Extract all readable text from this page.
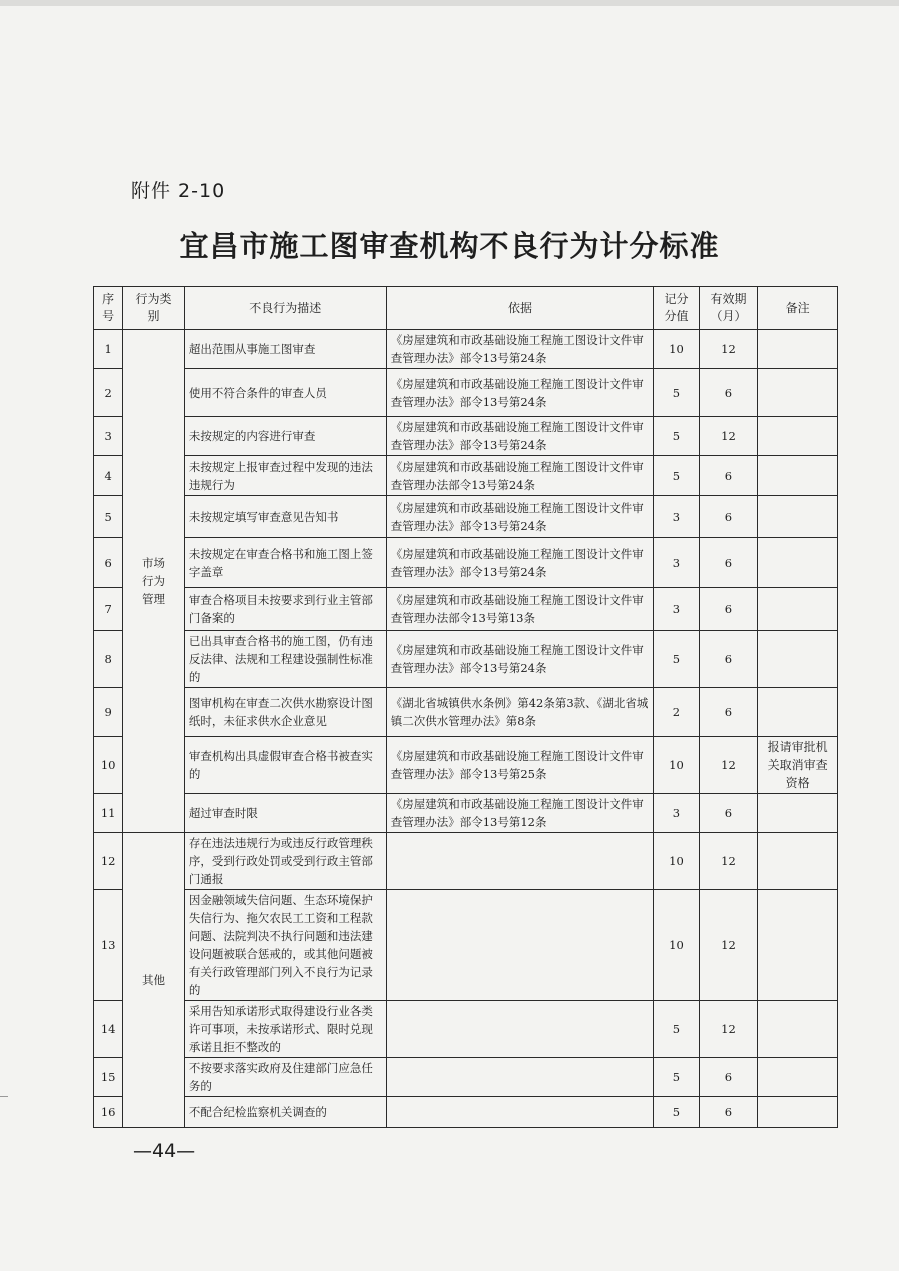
附件 2-10
宜昌市施工图审查机构不良行为计分标准
序号	行为类别	不良行为描述	依据	记分分值	有效期（月）	备注
1	市场行为管理	超出范围从事施工图审查	《房屋建筑和市政基础设施工程施工图设计文件审查管理办法》部令13号第24条	10	12	
2		使用不符合条件的审查人员	《房屋建筑和市政基础设施工程施工图设计文件审查管理办法》部令13号第24条	5	6	
3		未按规定的内容进行审查	《房屋建筑和市政基础设施工程施工图设计文件审查管理办法》部令13号第24条	5	12	
4		未按规定上报审查过程中发现的违法违规行为	《房屋建筑和市政基础设施工程施工图设计文件审查管理办法部令13号第24条	5	6	
5		未按规定填写审查意见告知书	《房屋建筑和市政基础设施工程施工图设计文件审查管理办法》部令13号第24条	3	6	
6		未按规定在审查合格书和施工图上签字盖章	《房屋建筑和市政基础设施工程施工图设计文件审查管理办法》部令13号第24条	3	6	
7		审查合格项目未按要求到行业主管部门备案的	《房屋建筑和市政基础设施工程施工图设计文件审查管理办法部令13号第13条	3	6	
8		已出具审查合格书的施工图，仍有违反法律、法规和工程建设强制性标准的	《房屋建筑和市政基础设施工程施工图设计文件审查管理办法》部令13号第24条	5	6	
9		图审机构在审查二次供水勘察设计图纸时，未征求供水企业意见	《湖北省城镇供水条例》第42条第3款、《湖北省城镇二次供水管理办法》第8条	2	6	
10		审查机构出具虚假审查合格书被查实的	《房屋建筑和市政基础设施工程施工图设计文件审查管理办法》部令13号第25条	10	12	报请审批机关取消审查资格
11		超过审查时限	《房屋建筑和市政基础设施工程施工图设计文件审查管理办法》部令13号第12条	3	6	
12	其他	存在违法违规行为或违反行政管理秩序，受到行政处罚或受到行政主管部门通报		10	12	
13		因金融领域失信问题、生态环境保护失信行为、拖欠农民工工资和工程款问题、法院判决不执行问题和违法建设问题被联合惩戒的，或其他问题被有关行政管理部门列入不良行为记录的		10	12	
14		采用告知承诺形式取得建设行业各类许可事项，未按承诺形式、限时兑现承诺且拒不整改的		5	12	
15		不按要求落实政府及住建部门应急任务的		5	6	
16		不配合纪检监察机关调查的		5	6	
—44—
